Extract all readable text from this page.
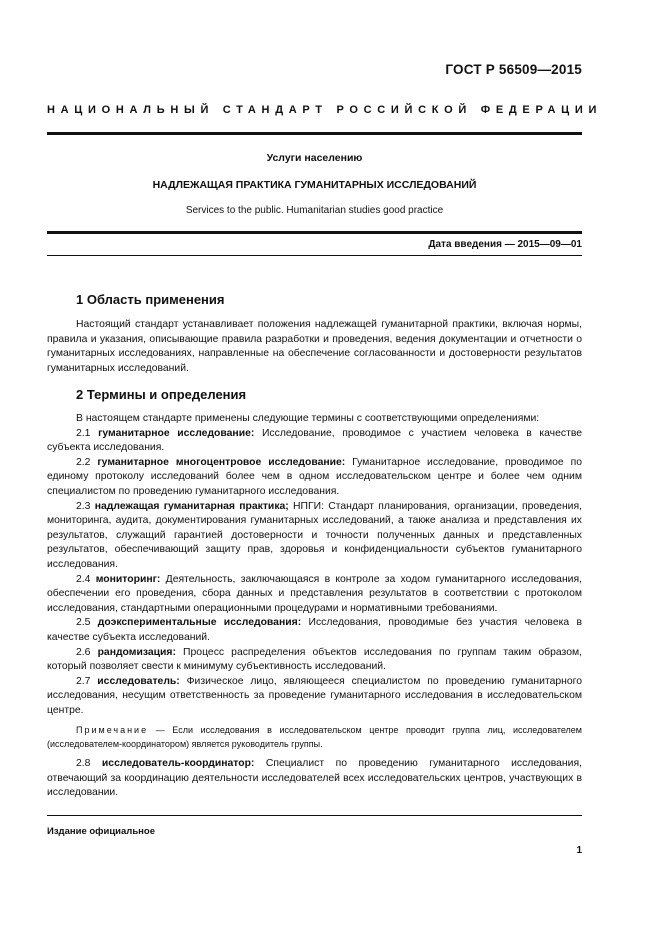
ГОСТ Р 56509—2015
НАЦИОНАЛЬНЫЙ СТАНДАРТ РОССИЙСКОЙ ФЕДЕРАЦИИ
Услуги населению
НАДЛЕЖАЩАЯ ПРАКТИКА ГУМАНИТАРНЫХ ИССЛЕДОВАНИЙ
Services to the public. Humanitarian studies good practice
Дата введения — 2015—09—01
1 Область применения

Настоящий стандарт устанавливает положения надлежащей гуманитарной практики, включая нормы, правила и указания, описывающие правила разработки и проведения, ведения документации и отчетности о гуманитарных исследованиях, направленные на обеспечение согласованности и достоверности результатов гуманитарных исследований.

2 Термины и определения

В настоящем стандарте применены следующие термины с соответствующими определениями:

2.1 гуманитарное исследование: Исследование, проводимое с участием человека в качестве субъекта исследования.

2.2 гуманитарное многоцентровое исследование: Гуманитарное исследование, проводимое по единому протоколу исследований более чем в одном исследовательском центре и более чем одним специалистом по проведению гуманитарного исследования.

2.3 надлежащая гуманитарная практика; НПГИ: Стандарт планирования, организации, проведения, мониторинга, аудита, документирования гуманитарных исследований, а также анализа и представления их результатов, служащий гарантией достоверности и точности полученных данных и представленных результатов, обеспечивающий защиту прав, здоровья и конфиденциальности субъектов гуманитарного исследования.

2.4 мониторинг: Деятельность, заключающаяся в контроле за ходом гуманитарного исследования, обеспечении его проведения, сбора данных и представления результатов в соответствии с протоколом исследования, стандартными операционными процедурами и нормативными требованиями.

2.5 доэкспериментальные исследования: Исследования, проводимые без участия человека в качестве субъекта исследований.

2.6 рандомизация: Процесс распределения объектов исследования по группам таким образом, который позволяет свести к минимуму субъективность исследований.

2.7 исследователь: Физическое лицо, являющееся специалистом по проведению гуманитарного исследования, несущим ответственность за проведение гуманитарного исследования в исследовательском центре.

Примечание — Если исследования в исследовательском центре проводит группа лиц, исследователем (исследователем-координатором) является руководитель группы.

2.8 исследователь-координатор: Специалист по проведению гуманитарного исследования, отвечающий за координацию деятельности исследователей всех исследовательских центров, участвующих в исследовании.

Издание официальное
1
